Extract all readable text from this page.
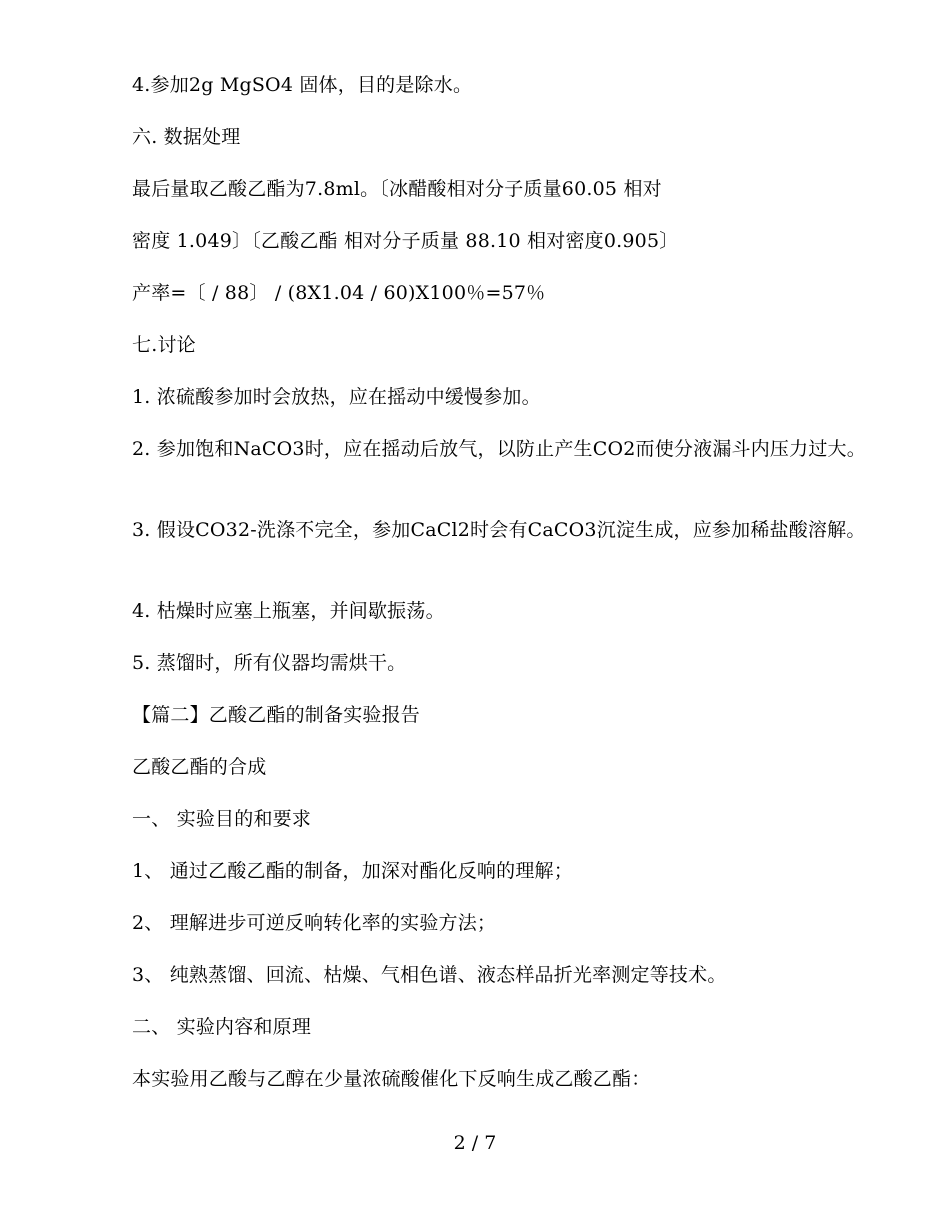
4.参加2g MgSO4 固体，目的是除水。
六. 数据处理
最后量取乙酸乙酯为7.8ml。〔冰醋酸相对分子质量60.05 相对
密度 1.049〕〔乙酸乙酯 相对分子质量 88.10 相对密度0.905〕
产率=〔 / 88〕 / (8X1.04 / 60)X100％=57％
七.讨论
1. 浓硫酸参加时会放热，应在摇动中缓慢参加。
2. 参加饱和NaCO3时，应在摇动后放气，以防止产生CO2而使分液漏斗内压力过大。
3. 假设CO32-洗涤不完全，参加CaCl2时会有CaCO3沉淀生成，应参加稀盐酸溶解。
4. 枯燥时应塞上瓶塞，并间歇振荡。
5. 蒸馏时，所有仪器均需烘干。
【篇二】乙酸乙酯的制备实验报告
乙酸乙酯的合成
一、 实验目的和要求
1、 通过乙酸乙酯的制备，加深对酯化反响的理解；
2、 理解进步可逆反响转化率的实验方法；
3、 纯熟蒸馏、回流、枯燥、气相色谱、液态样品折光率测定等技术。
二、 实验内容和原理
本实验用乙酸与乙醇在少量浓硫酸催化下反响生成乙酸乙酯：
2 / 7
